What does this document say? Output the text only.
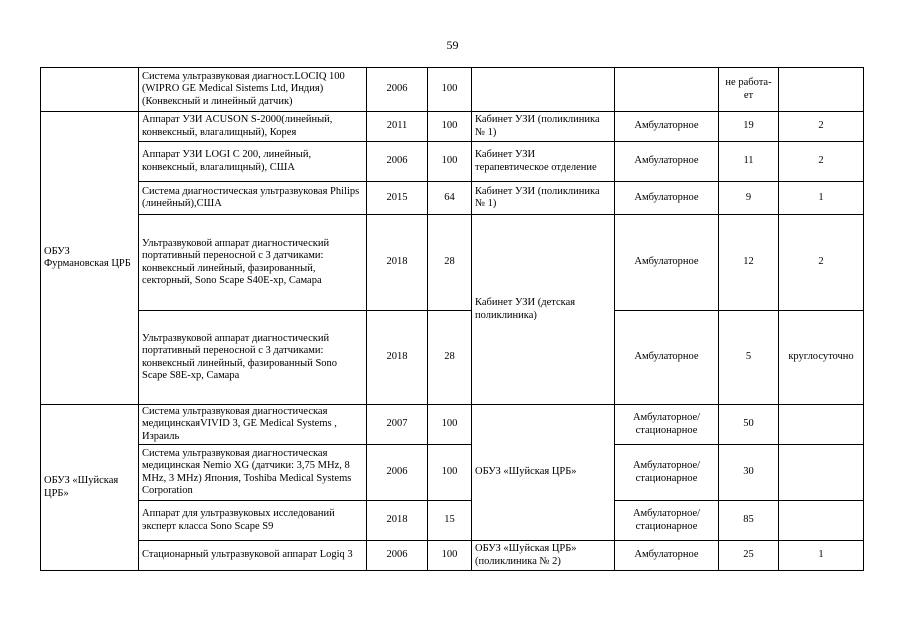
59
	Система ультразвуковая диагност.LOCIQ 100 (WIPRO GE Medical Sistems Ltd, Индия) (Конвексный и линейный датчик)	2006	100			не работа-ет	
ОБУЗ Фурмановская ЦРБ	Аппарат УЗИ ACUSON S-2000(линейный, конвексный, влагалищный), Корея	2011	100	Кабинет УЗИ (поликлиника № 1)	Амбулаторное	19	2
	Аппарат УЗИ LOGI C 200, линейный, конвексный, влагалищный), США	2006	100	Кабинет УЗИ терапевтическое отделение	Амбулаторное	11	2
	Система диагностическая ультразвуковая Philips (линейный),США	2015	64	Кабинет УЗИ (поликлиника № 1)	Амбулаторное	9	1
	Ультразвуковой аппарат диагностический портативный переносной с 3 датчиками: конвексный линейный, фазированный, секторный, Sono Scape S40E-xp, Самара	2018	28	Кабинет УЗИ (детская поликлиника)	Амбулаторное	12	2
	Ультразвуковой аппарат диагностический портативный переносной с 3 датчиками: конвексный линейный, фазированный Sono Scape S8E-xp, Самара	2018	28		Амбулаторное	5	круглосуточно
ОБУЗ «Шуйская ЦРБ»	Система ультразвуковая диагностическая медицинскаяVIVID 3, GE Medical Systems , Израиль	2007	100	ОБУЗ «Шуйская ЦРБ»	Амбулаторное/ стационарное	50	
	Система ультразвуковая диагностическая медицинская Nemio XG (датчики: 3,75 MHz, 8 MHz, 3 MHz) Япония, Toshiba Medical Systems Corporation	2006	100		Амбулаторное/ стационарное	30	
	Аппарат для ультразвуковых исследований эксперт класса Sono Scape S9	2018	15		Амбулаторное/ стационарное	85	
	Стационарный ультразвуковой аппарат Logiq 3	2006	100	ОБУЗ «Шуйская ЦРБ» (поликлиника № 2)	Амбулаторное	25	1
